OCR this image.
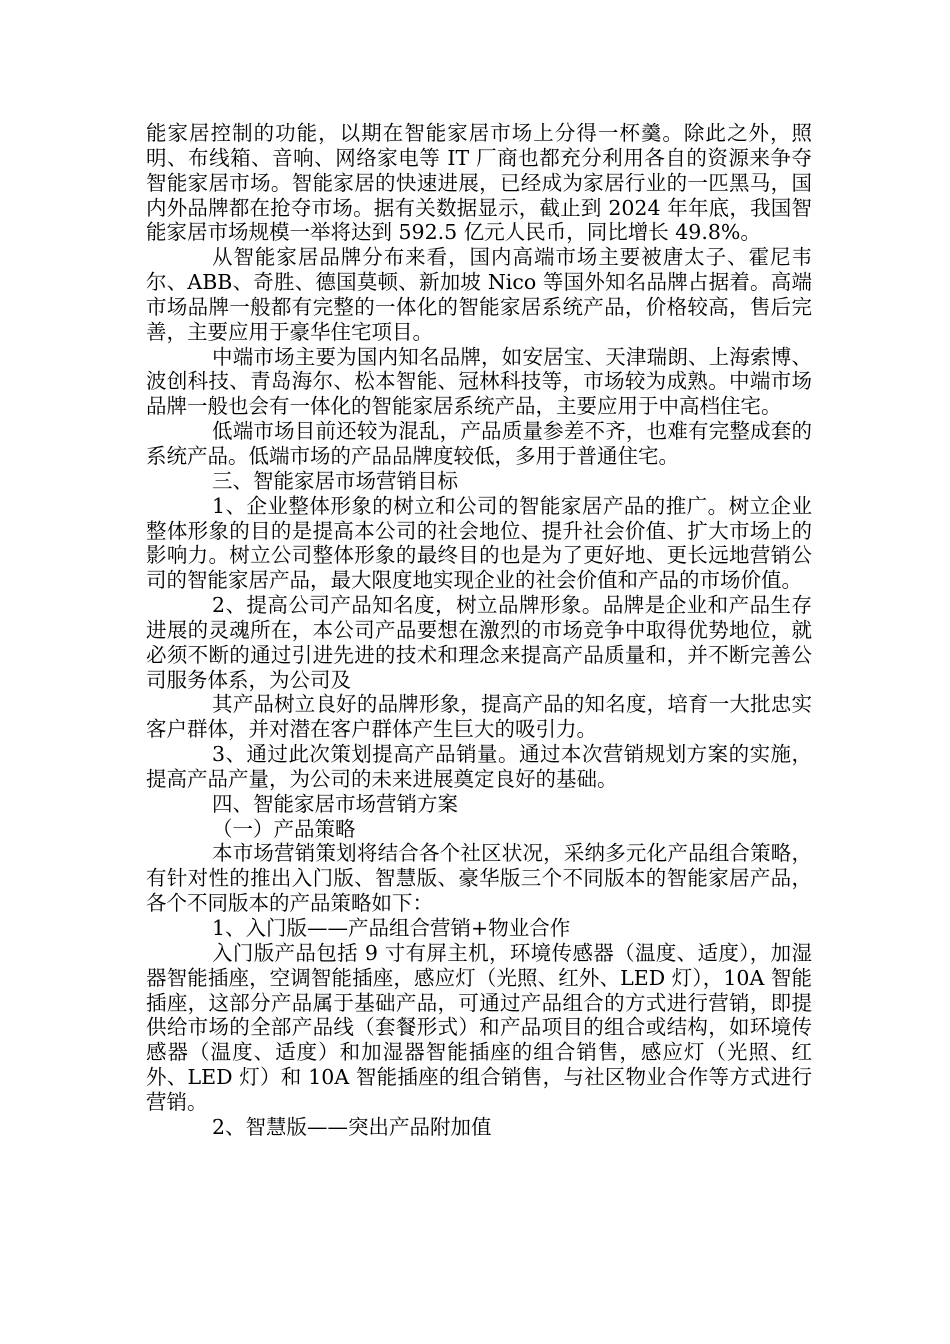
能家居控制的功能，以期在智能家居市场上分得一杯羹。除此之外，照明、布线箱、音响、网络家电等 IT 厂商也都充分利用各自的资源来争夺智能家居市场。智能家居的快速进展，已经成为家居行业的一匹黑马，国内外品牌都在抢夺市场。据有关数据显示，截止到 2024 年年底，我国智能家居市场规模一举将达到 592.5 亿元人民币，同比增长 49.8%。

从智能家居品牌分布来看，国内高端市场主要被唐太子、霍尼韦尔、ABB、奇胜、德国莫顿、新加坡 Nico 等国外知名品牌占据着。高端市场品牌一般都有完整的一体化的智能家居系统产品，价格较高，售后完善，主要应用于豪华住宅项目。

中端市场主要为国内知名品牌，如安居宝、天津瑞朗、上海索博、波创科技、青岛海尔、松本智能、冠林科技等，市场较为成熟。中端市场品牌一般也会有一体化的智能家居系统产品，主要应用于中高档住宅。

低端市场目前还较为混乱，产品质量参差不齐，也难有完整成套的系统产品。低端市场的产品品牌度较低，多用于普通住宅。

三、智能家居市场营销目标

1、企业整体形象的树立和公司的智能家居产品的推广。树立企业整体形象的目的是提高本公司的社会地位、提升社会价值、扩大市场上的影响力。树立公司整体形象的最终目的也是为了更好地、更长远地营销公司的智能家居产品，最大限度地实现企业的社会价值和产品的市场价值。

2、提高公司产品知名度，树立品牌形象。品牌是企业和产品生存进展的灵魂所在，本公司产品要想在激烈的市场竞争中取得优势地位，就必须不断的通过引进先进的技术和理念来提高产品质量和，并不断完善公司服务体系，为公司及

其产品树立良好的品牌形象，提高产品的知名度，培育一大批忠实客户群体，并对潜在客户群体产生巨大的吸引力。

3、通过此次策划提高产品销量。通过本次营销规划方案的实施，提高产品产量，为公司的未来进展奠定良好的基础。

四、智能家居市场营销方案

（一）产品策略

本市场营销策划将结合各个社区状况，采纳多元化产品组合策略，有针对性的推出入门版、智慧版、豪华版三个不同版本的智能家居产品，各个不同版本的产品策略如下：

1、入门版——产品组合营销+物业合作

入门版产品包括 9 寸有屏主机，环境传感器（温度、适度），加湿器智能插座，空调智能插座，感应灯（光照、红外、LED 灯），10A 智能插座，这部分产品属于基础产品，可通过产品组合的方式进行营销，即提供给市场的全部产品线（套餐形式）和产品项目的组合或结构，如环境传感器（温度、适度）和加湿器智能插座的组合销售，感应灯（光照、红外、LED 灯）和 10A 智能插座的组合销售，与社区物业合作等方式进行营销。

2、智慧版——突出产品附加值
